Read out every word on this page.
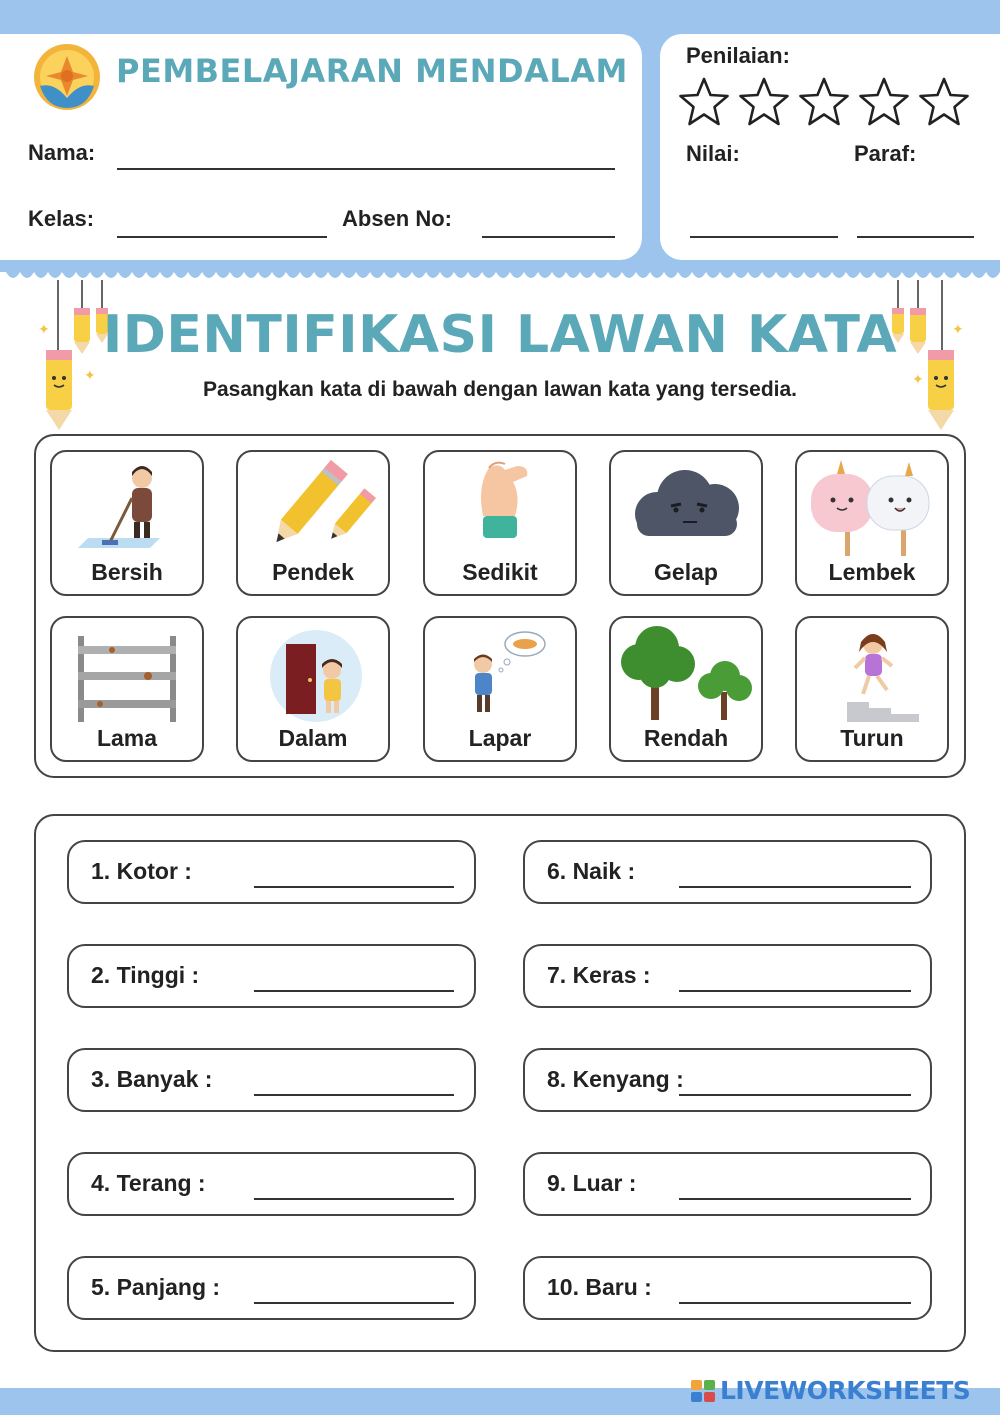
PEMBELAJARAN MENDALAM
Nama:
Kelas:	Absen No:
Penilaian:
Nilai:	Paraf:
✦
✦	✦
✦
IDENTIFIKASI LAWAN KATA
Pasangkan kata di bawah dengan lawan kata yang tersedia.
Bersih	Pendek	Sedikit	Gelap	Lembek
Lama	Dalam	Lapar	Rendah	Turun
1. Kotor :
2. Tinggi :
3. Banyak :
4. Terang :
5. Panjang :
6. Naik :
7. Keras :
8. Kenyang :
9. Luar :
10. Baru :
LIVEWORKSHEETS
